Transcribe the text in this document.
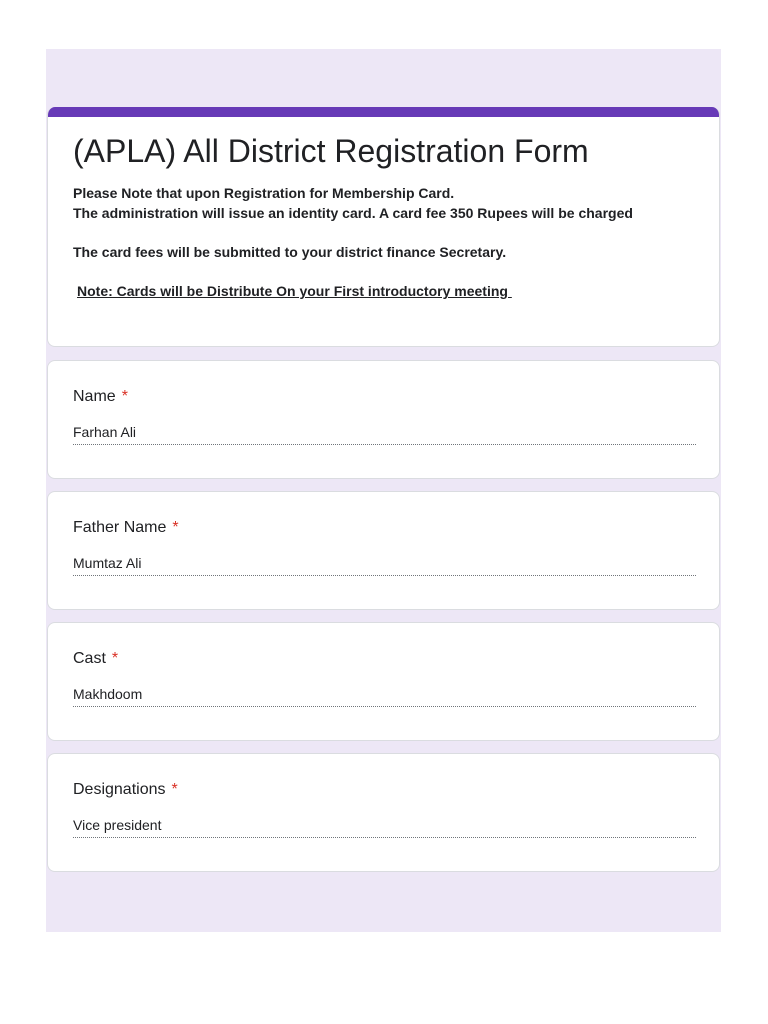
(APLA) All District Registration Form

Please Note that upon Registration for Membership Card.

The administration will issue an identity card. A card fee 350 Rupees will be charged

The card fees will be submitted to your district finance Secretary.

Note: Cards will be Distribute On your First introductory meeting

Name *
Farhan Ali
Father Name *
Mumtaz Ali
Cast *
Makhdoom
Designations *
Vice president
